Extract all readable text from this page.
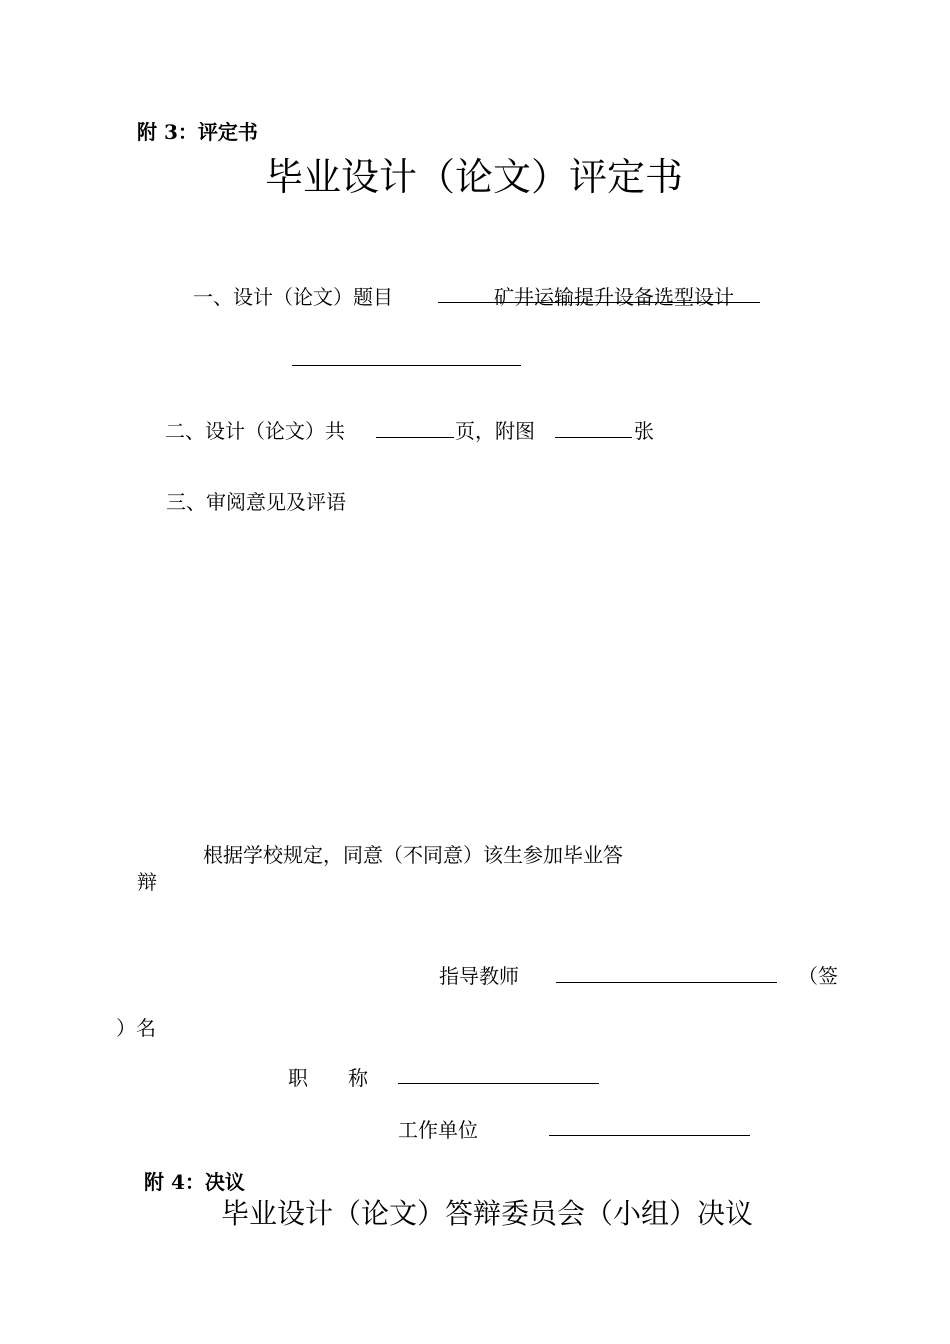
附 3：评定书
毕业设计（论文）评定书
一、设计（论文）题目	矿井运输提升设备选型设计
二、设计（论文）共	页，附图	张
三、审阅意见及评语
根据学校规定，同意（不同意）该生参加毕业答
辩
指导教师	（签
）名
职　　称
工作单位
附 4：决议
毕业设计（论文）答辩委员会（小组）决议
